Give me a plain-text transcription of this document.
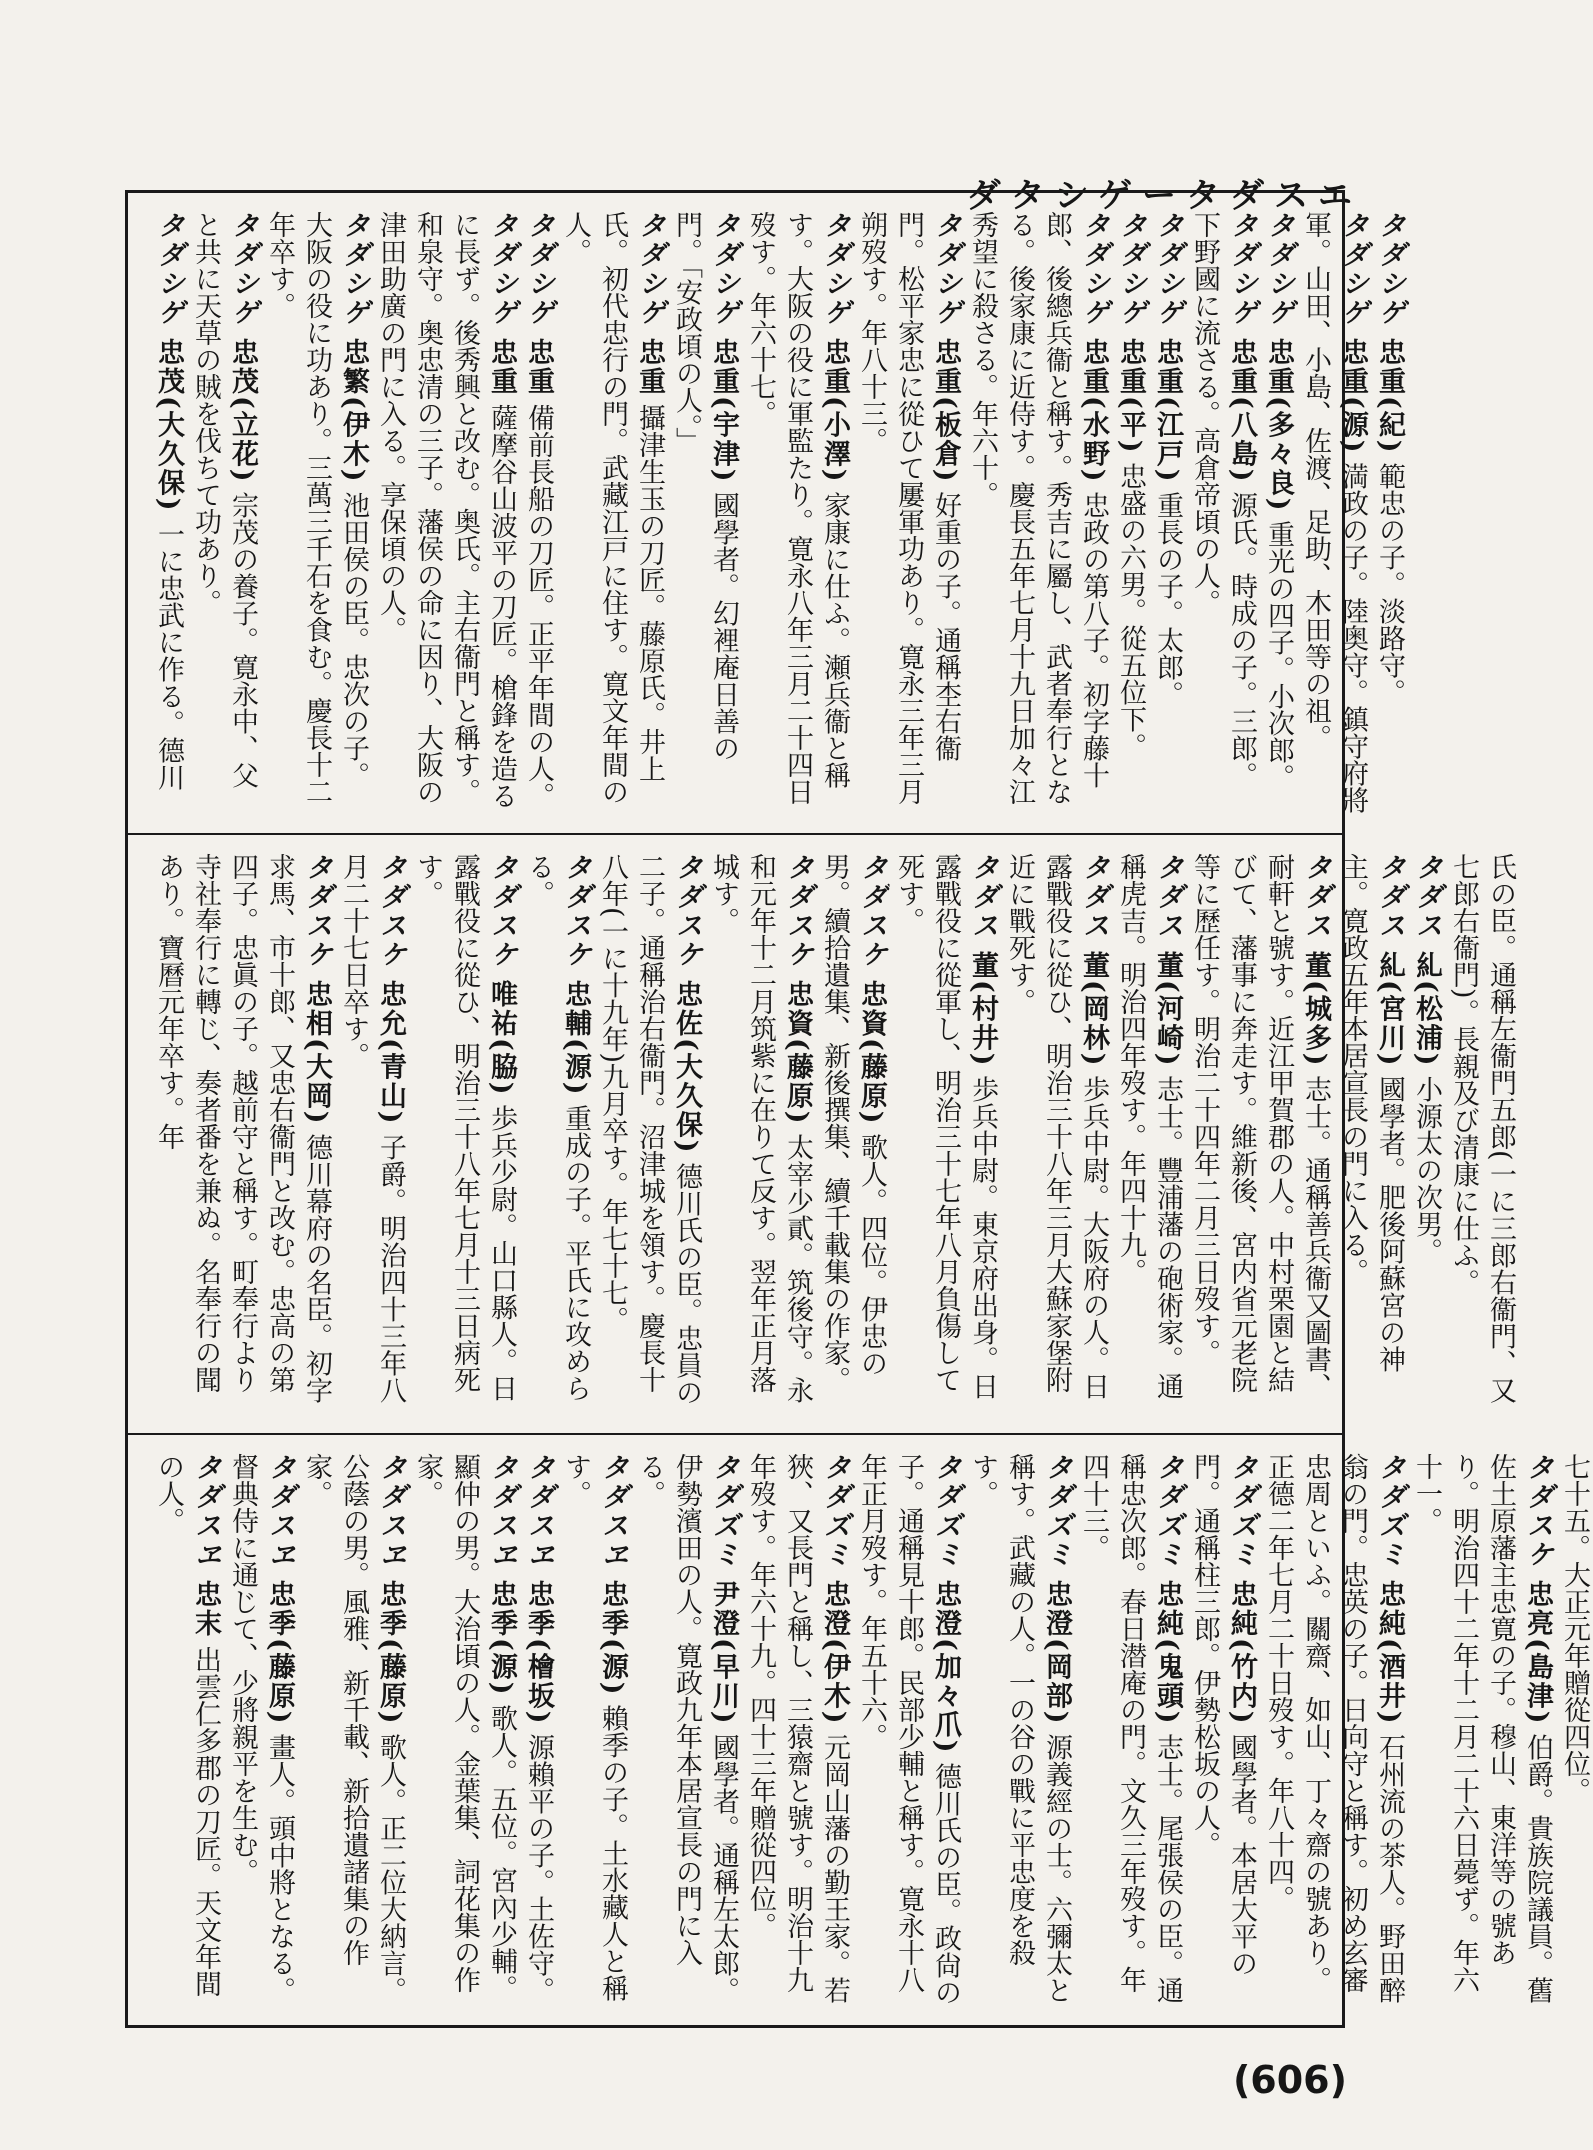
ダタシゲータダスエ
タダシゲ 忠重(紀)範忠の子。淡路守。
タダシゲ 忠重(源)満政の子。陸奥守。鎮守府將軍。山田、小島、佐渡、足助、木田等の祖。
タダシゲ 忠重(多々良)重光の四子。小次郎。
タダシゲ 忠重(八島)源氏。時成の子。三郎。下野國に流さる。高倉帝頃の人。
タダシゲ 忠重(江戸)重長の子。太郎。
タダシゲ 忠重(平)忠盛の六男。從五位下。
タダシゲ 忠重(水野)忠政の第八子。初字藤十郎、後總兵衞と稱す。秀吉に屬し、武者奉行となる。後家康に近侍す。慶長五年七月十九日加々江秀望に殺さる。年六十。
タダシゲ 忠重(板倉)好重の子。通稱杢右衞門。松平家忠に從ひて屢軍功あり。寛永三年三月朔歿す。年八十三。
タダシゲ 忠重(小澤)家康に仕ふ。瀬兵衞と稱す。大阪の役に軍監たり。寛永八年三月二十四日歿す。年六十七。
タダシゲ 忠重(宇津)國學者。幻裡庵日善の門。「安政頃の人。」
タダシゲ 忠重攝津生玉の刀匠。藤原氏。井上氏。初代忠行の門。武藏江戸に住す。寛文年間の人。
タダシゲ 忠重備前長船の刀匠。正平年間の人。
タダシゲ 忠重薩摩谷山波平の刀匠。槍鋒を造るに長ず。後秀興と改む。奥氏。主右衞門と稱す。和泉守。奥忠清の三子。藩侯の命に因り、大阪の津田助廣の門に入る。享保頃の人。
タダシゲ 忠繁(伊木)池田侯の臣。忠次の子。大阪の役に功あり。三萬三千石を食む。慶長十二年卒す。
タダシゲ 忠茂(立花)宗茂の養子。寛永中、父と共に天草の賊を伐ちて功あり。
タダシゲ 忠茂(大久保)一に忠武に作る。德川
氏の臣。通稱左衞門五郎(一に三郎右衞門、又七郎右衞門)。長親及び清康に仕ふ。
タダス 糺(松浦)小源太の次男。
タダス 糺(宮川)國學者。肥後阿蘇宮の神主。寛政五年本居宣長の門に入る。
タダス 董(城多)志士。通稱善兵衞又圖書、耐軒と號す。近江甲賀郡の人。中村栗園と結びて、藩事に奔走す。維新後、宮内省元老院等に歷任す。明治二十四年二月三日歿す。
タダス 董(河崎)志士。豐浦藩の砲術家。通稱虎吉。明治四年歿す。年四十九。
タダス 董(岡林)歩兵中尉。大阪府の人。日露戰役に從ひ、明治三十八年三月大蘇家堡附近に戰死す。
タダス 董(村井)歩兵中尉。東京府出身。日露戰役に從軍し、明治三十七年八月負傷して死す。
タダスケ 忠資(藤原)歌人。四位。伊忠の男。續拾遺集、新後撰集、續千載集の作家。
タダスケ 忠資(藤原)太宰少貳。筑後守。永和元年十二月筑紫に在りて反す。翌年正月落城す。
タダスケ 忠佐(大久保)德川氏の臣。忠員の二子。通稱治右衞門。沼津城を領す。慶長十八年(一に十九年)九月卒す。年七十七。
タダスケ 忠輔(源)重成の子。平氏に攻めらる。
タダスケ 唯祐(脇)歩兵少尉。山口縣人。日露戰役に從ひ、明治三十八年七月十三日病死す。
タダスケ 忠允(青山)子爵。明治四十三年八月二十七日卒す。
タダスケ 忠相(大岡)德川幕府の名臣。初字求馬、市十郎、又忠右衞門と改む。忠高の第四子。忠眞の子。越前守と稱す。町奉行より寺社奉行に轉じ、奏者番を兼ぬ。名奉行の聞あり。寶曆元年卒す。年
七十五。大正元年贈從四位。
タダスケ 忠亮(島津)伯爵。貴族院議員。舊佐土原藩主忠寛の子。穆山、東洋等の號あり。明治四十二年十二月二十六日薨ず。年六十一。
タダズミ 忠純(酒井)石州流の茶人。野田醉翁の門。忠英の子。日向守と稱す。初め玄審忠周といふ。關齋、如山、丁々齋の號あり。正德二年七月二十日歿す。年八十四。
タダズミ 忠純(竹内)國學者。本居大平の門。通稱柱三郎。伊勢松坂の人。
タダズミ 忠純(鬼頭)志士。尾張侯の臣。通稱忠次郎。春日潜庵の門。文久三年歿す。年四十三。
タダズミ 忠澄(岡部)源義經の士。六彌太と稱す。武藏の人。一の谷の戰に平忠度を殺す。
タダズミ 忠澄(加々爪)德川氏の臣。政尙の子。通稱見十郎。民部少輔と稱す。寛永十八年正月歿す。年五十六。
タダズミ 忠澄(伊木)元岡山藩の勤王家。若狹、又長門と稱し、三猿齋と號す。明治十九年歿す。年六十九。四十三年贈從四位。
タダズミ 尹澄(早川)國學者。通稱左太郎。伊勢濱田の人。寛政九年本居宣長の門に入る。
タダスヱ 忠季(源)賴季の子。土水藏人と稱す。
タダスヱ 忠季(檜坂)源賴平の子。土佐守。
タダスヱ 忠季(源)歌人。五位。宮內少輔。顯仲の男。大治頃の人。金葉集、詞花集の作家。
タダスヱ 忠季(藤原)歌人。正二位大納言。公蔭の男。風雅、新千載、新拾遺諸集の作家。
タダスヱ 忠季(藤原)畫人。頭中將となる。督典侍に通じて、少將親平を生む。
タダスヱ 忠末出雲仁多郡の刀匠。天文年間の人。
(606)
